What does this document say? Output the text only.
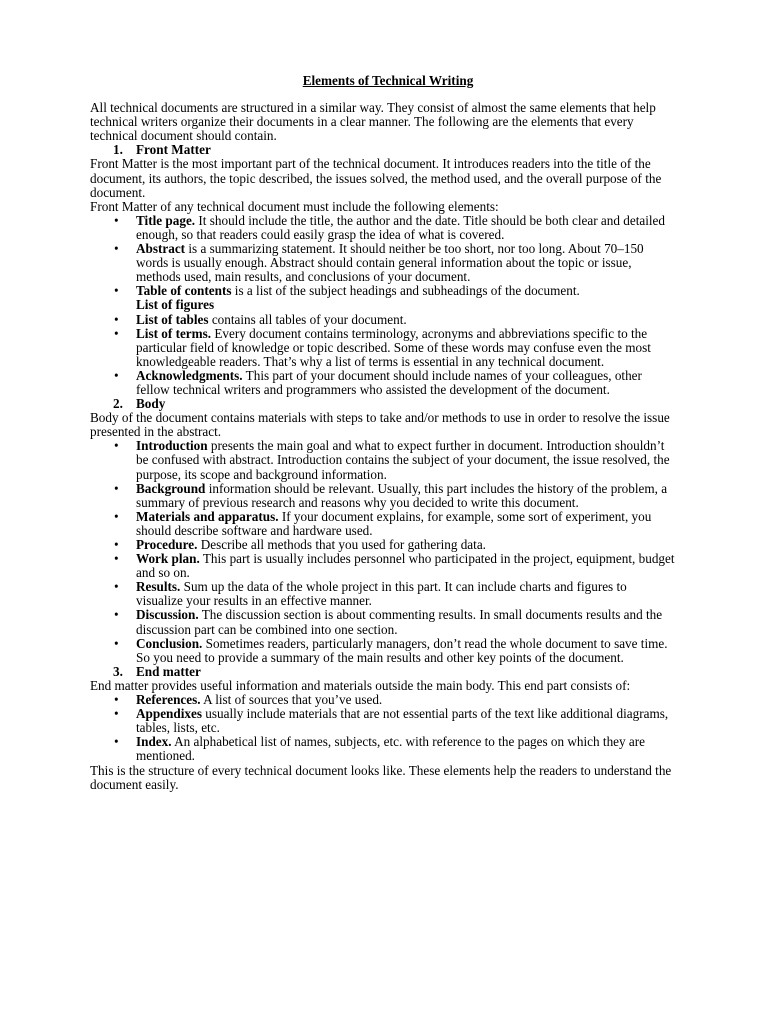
Elements of Technical Writing

All technical documents are structured in a similar way. They consist of almost the same elements that help technical writers organize their documents in a clear manner. The following are the elements that every technical document should contain.

1. Front Matter

Front Matter is the most important part of the technical document. It introduces readers into the title of the document, its authors, the topic described, the issues solved, the method used, and the overall purpose of the document.

Front Matter of any technical document must include the following elements:

• Title page. It should include the title, the author and the date. Title should be both clear and detailed enough, so that readers could easily grasp the idea of what is covered.
• Abstract is a summarizing statement. It should neither be too short, nor too long. About 70–150 words is usually enough. Abstract should contain general information about the topic or issue, methods used, main results, and conclusions of your document.
• Table of contents is a list of the subject headings and subheadings of the document.
List of figures
• List of tables contains all tables of your document.
• List of terms. Every document contains terminology, acronyms and abbreviations specific to the particular field of knowledge or topic described. Some of these words may confuse even the most knowledgeable readers. That’s why a list of terms is essential in any technical document.
• Acknowledgments. This part of your document should include names of your colleagues, other fellow technical writers and programmers who assisted the development of the document.
2. Body

Body of the document contains materials with steps to take and/or methods to use in order to resolve the issue presented in the abstract.

• Introduction presents the main goal and what to expect further in document. Introduction shouldn’t be confused with abstract. Introduction contains the subject of your document, the issue resolved, the purpose, its scope and background information.
• Background information should be relevant. Usually, this part includes the history of the problem, a summary of previous research and reasons why you decided to write this document.
• Materials and apparatus. If your document explains, for example, some sort of experiment, you should describe software and hardware used.
• Procedure. Describe all methods that you used for gathering data.
• Work plan. This part is usually includes personnel who participated in the project, equipment, budget and so on.
• Results. Sum up the data of the whole project in this part. It can include charts and figures to visualize your results in an effective manner.
• Discussion. The discussion section is about commenting results. In small documents results and the discussion part can be combined into one section.
• Conclusion. Sometimes readers, particularly managers, don’t read the whole document to save time. So you need to provide a summary of the main results and other key points of the document.
3. End matter

End matter provides useful information and materials outside the main body. This end part consists of:

• References. A list of sources that you’ve used.
• Appendixes usually include materials that are not essential parts of the text like additional diagrams, tables, lists, etc.
• Index. An alphabetical list of names, subjects, etc. with reference to the pages on which they are mentioned.

This is the structure of every technical document looks like. These elements help the readers to understand the document easily.
